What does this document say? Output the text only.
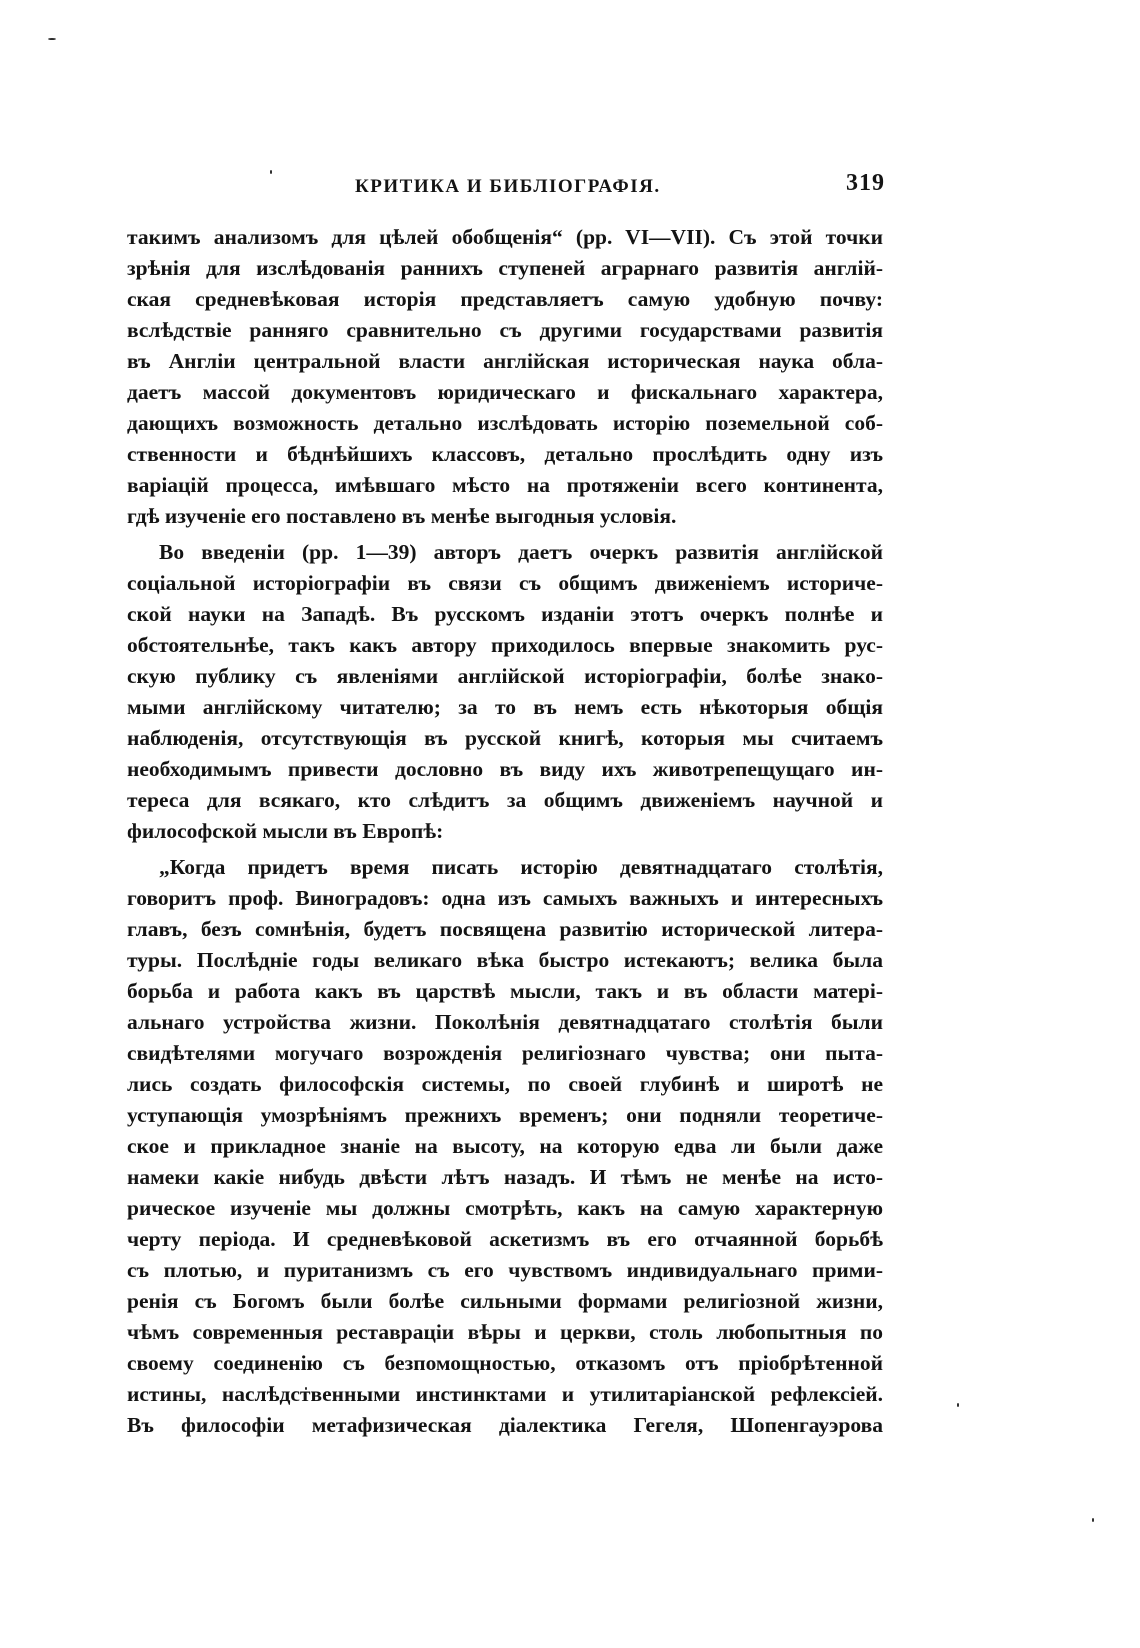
КРИТИКА И БИБЛІОГРАФІЯ.	319
такимъ анализомъ для цѣлей обобщенія“ (pp. VI—VII). Съ этой точки
зрѣнія для изслѣдованія раннихъ ступеней аграрнаго развитія англій-
ская средневѣковая исторія представляетъ самую удобную почву:
вслѣдствіе ранняго сравнительно съ другими государствами развитія
въ Англіи центральной власти англійская историческая наука обла-
даетъ массой документовъ юридическаго и фискальнаго характера,
дающихъ возможность детально изслѣдовать исторію поземельной соб-
ственности и бѣднѣйшихъ классовъ, детально прослѣдить одну изъ
варіацій процесса, имѣвшаго мѣсто на протяженіи всего континента,
гдѣ изученіе его поставлено въ менѣе выгодныя условія.
Во введеніи (pp. 1—39) авторъ даетъ очеркъ развитія англійской
соціальной исторіографіи въ связи съ общимъ движеніемъ историче-
ской науки на Западѣ. Въ русскомъ изданіи этотъ очеркъ полнѣе и
обстоятельнѣе, такъ какъ автору приходилось впервые знакомить рус-
скую публику съ явленіями англійской исторіографіи, болѣе знако-
мыми англійскому читателю; за то въ немъ есть нѣкоторыя общія
наблюденія, отсутствующія въ русской книгѣ, которыя мы считаемъ
необходимымъ привести дословно въ виду ихъ животрепещущаго ин-
тереса для всякаго, кто слѣдитъ за общимъ движеніемъ научной и
философской мысли въ Европѣ:
„Когда придетъ время писать исторію девятнадцатаго столѣтія,
говоритъ проф. Виноградовъ: одна изъ самыхъ важныхъ и интересныхъ
главъ, безъ сомнѣнія, будетъ посвящена развитію исторической литера-
туры. Послѣдніе годы великаго вѣка быстро истекаютъ; велика была
борьба и работа какъ въ царствѣ мысли, такъ и въ области матері-
альнаго устройства жизни. Поколѣнія девятнадцатаго столѣтія были
свидѣтелями могучаго возрожденія религіознаго чувства; они пыта-
лись создать философскія системы, по своей глубинѣ и широтѣ не
уступающія умозрѣніямъ прежнихъ временъ; они подняли теоретиче-
ское и прикладное знаніе на высоту, на которую едва ли были даже
намеки какіе нибудь двѣсти лѣтъ назадъ. И тѣмъ не менѣе на исто-
рическое изученіе мы должны смотрѣть, какъ на самую характерную
черту періода. И средневѣковой аскетизмъ въ его отчаянной борьбѣ
съ плотью, и пуританизмъ съ его чувствомъ индивидуальнаго прими-
ренія съ Богомъ были болѣе сильными формами религіозной жизни,
чѣмъ современныя реставраціи вѣры и церкви, столь любопытныя по
своему соединенію съ безпомощностью, отказомъ отъ пріобрѣтенной
истины, наслѣдственными инстинктами и утилитаріанской рефлексіей.
Въ философіи метафизическая діалектика Гегеля, Шопенгауэрова
